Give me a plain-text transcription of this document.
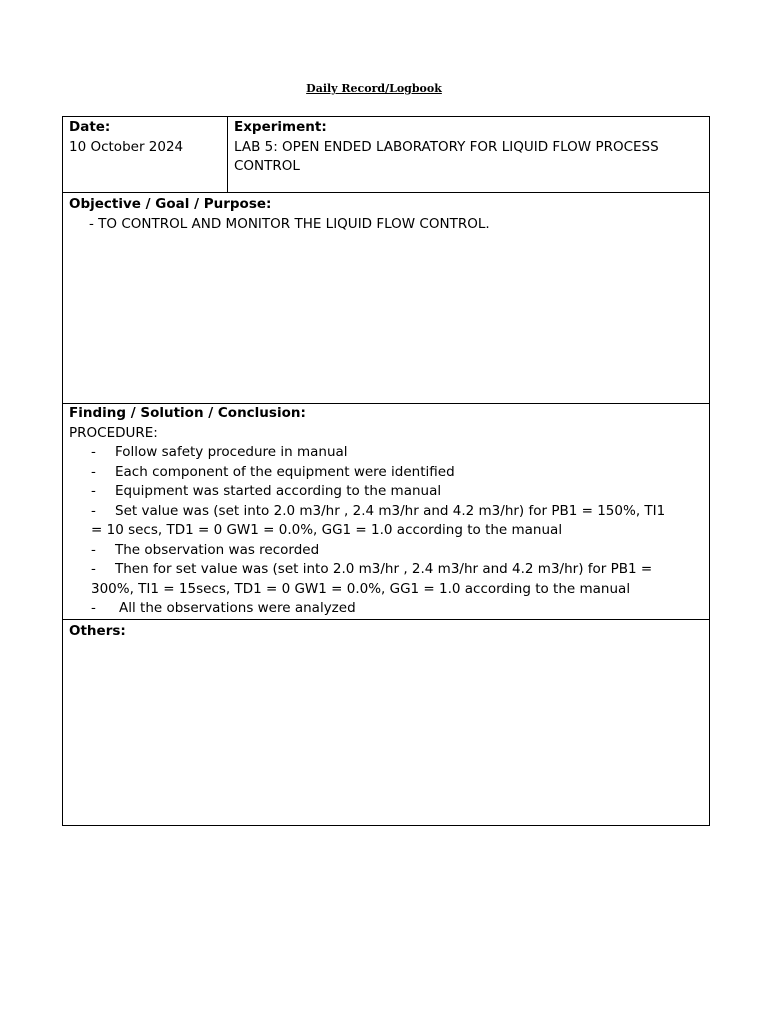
Daily Record/Logbook
Date:
10 October 2024

Experiment:
LAB 5: OPEN ENDED LABORATORY FOR LIQUID FLOW PROCESS CONTROL

Objective / Goal / Purpose:
- TO CONTROL AND MONITOR THE LIQUID FLOW CONTROL.

Finding / Solution / Conclusion:
PROCEDURE:
- Follow safety procedure in manual
- Each component of the equipment were identified
- Equipment was started according to the manual
- Set value was (set into 2.0 m3/hr , 2.4 m3/hr and 4.2 m3/hr) for PB1 = 150%, TI1
= 10 secs, TD1 = 0 GW1 = 0.0%, GG1 = 1.0 according to the manual
- The observation was recorded
- Then for set value was (set into 2.0 m3/hr , 2.4 m3/hr and 4.2 m3/hr) for PB1 =
300%, TI1 = 15secs, TD1 = 0 GW1 = 0.0%, GG1 = 1.0 according to the manual
- All the observations were analyzed

Others:
